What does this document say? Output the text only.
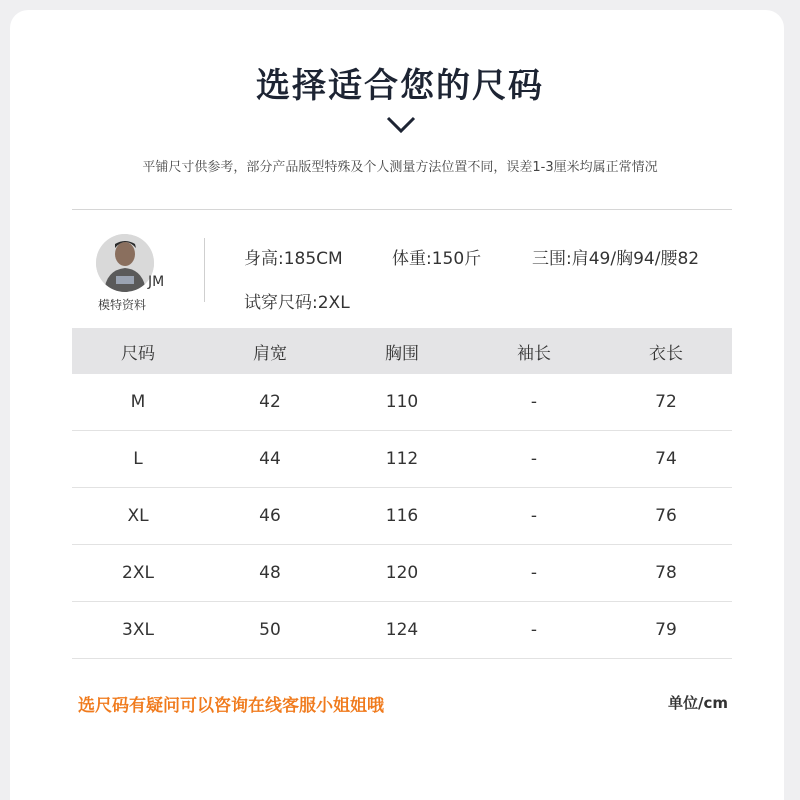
选择适合您的尺码
平铺尺寸供参考，部分产品版型特殊及个人测量方法位置不同，误差1-3厘米均属正常情况
JM
模特资料
身高:185CM	体重:150斤	三围:肩49/胸94/腰82
试穿尺码:2XL
尺码	肩宽	胸围	袖长	衣长
M	42	110	-	72
L	44	112	-	74
XL	46	116	-	76
2XL	48	120	-	78
3XL	50	124	-	79
选尺码有疑问可以咨询在线客服小姐姐哦	单位/cm
